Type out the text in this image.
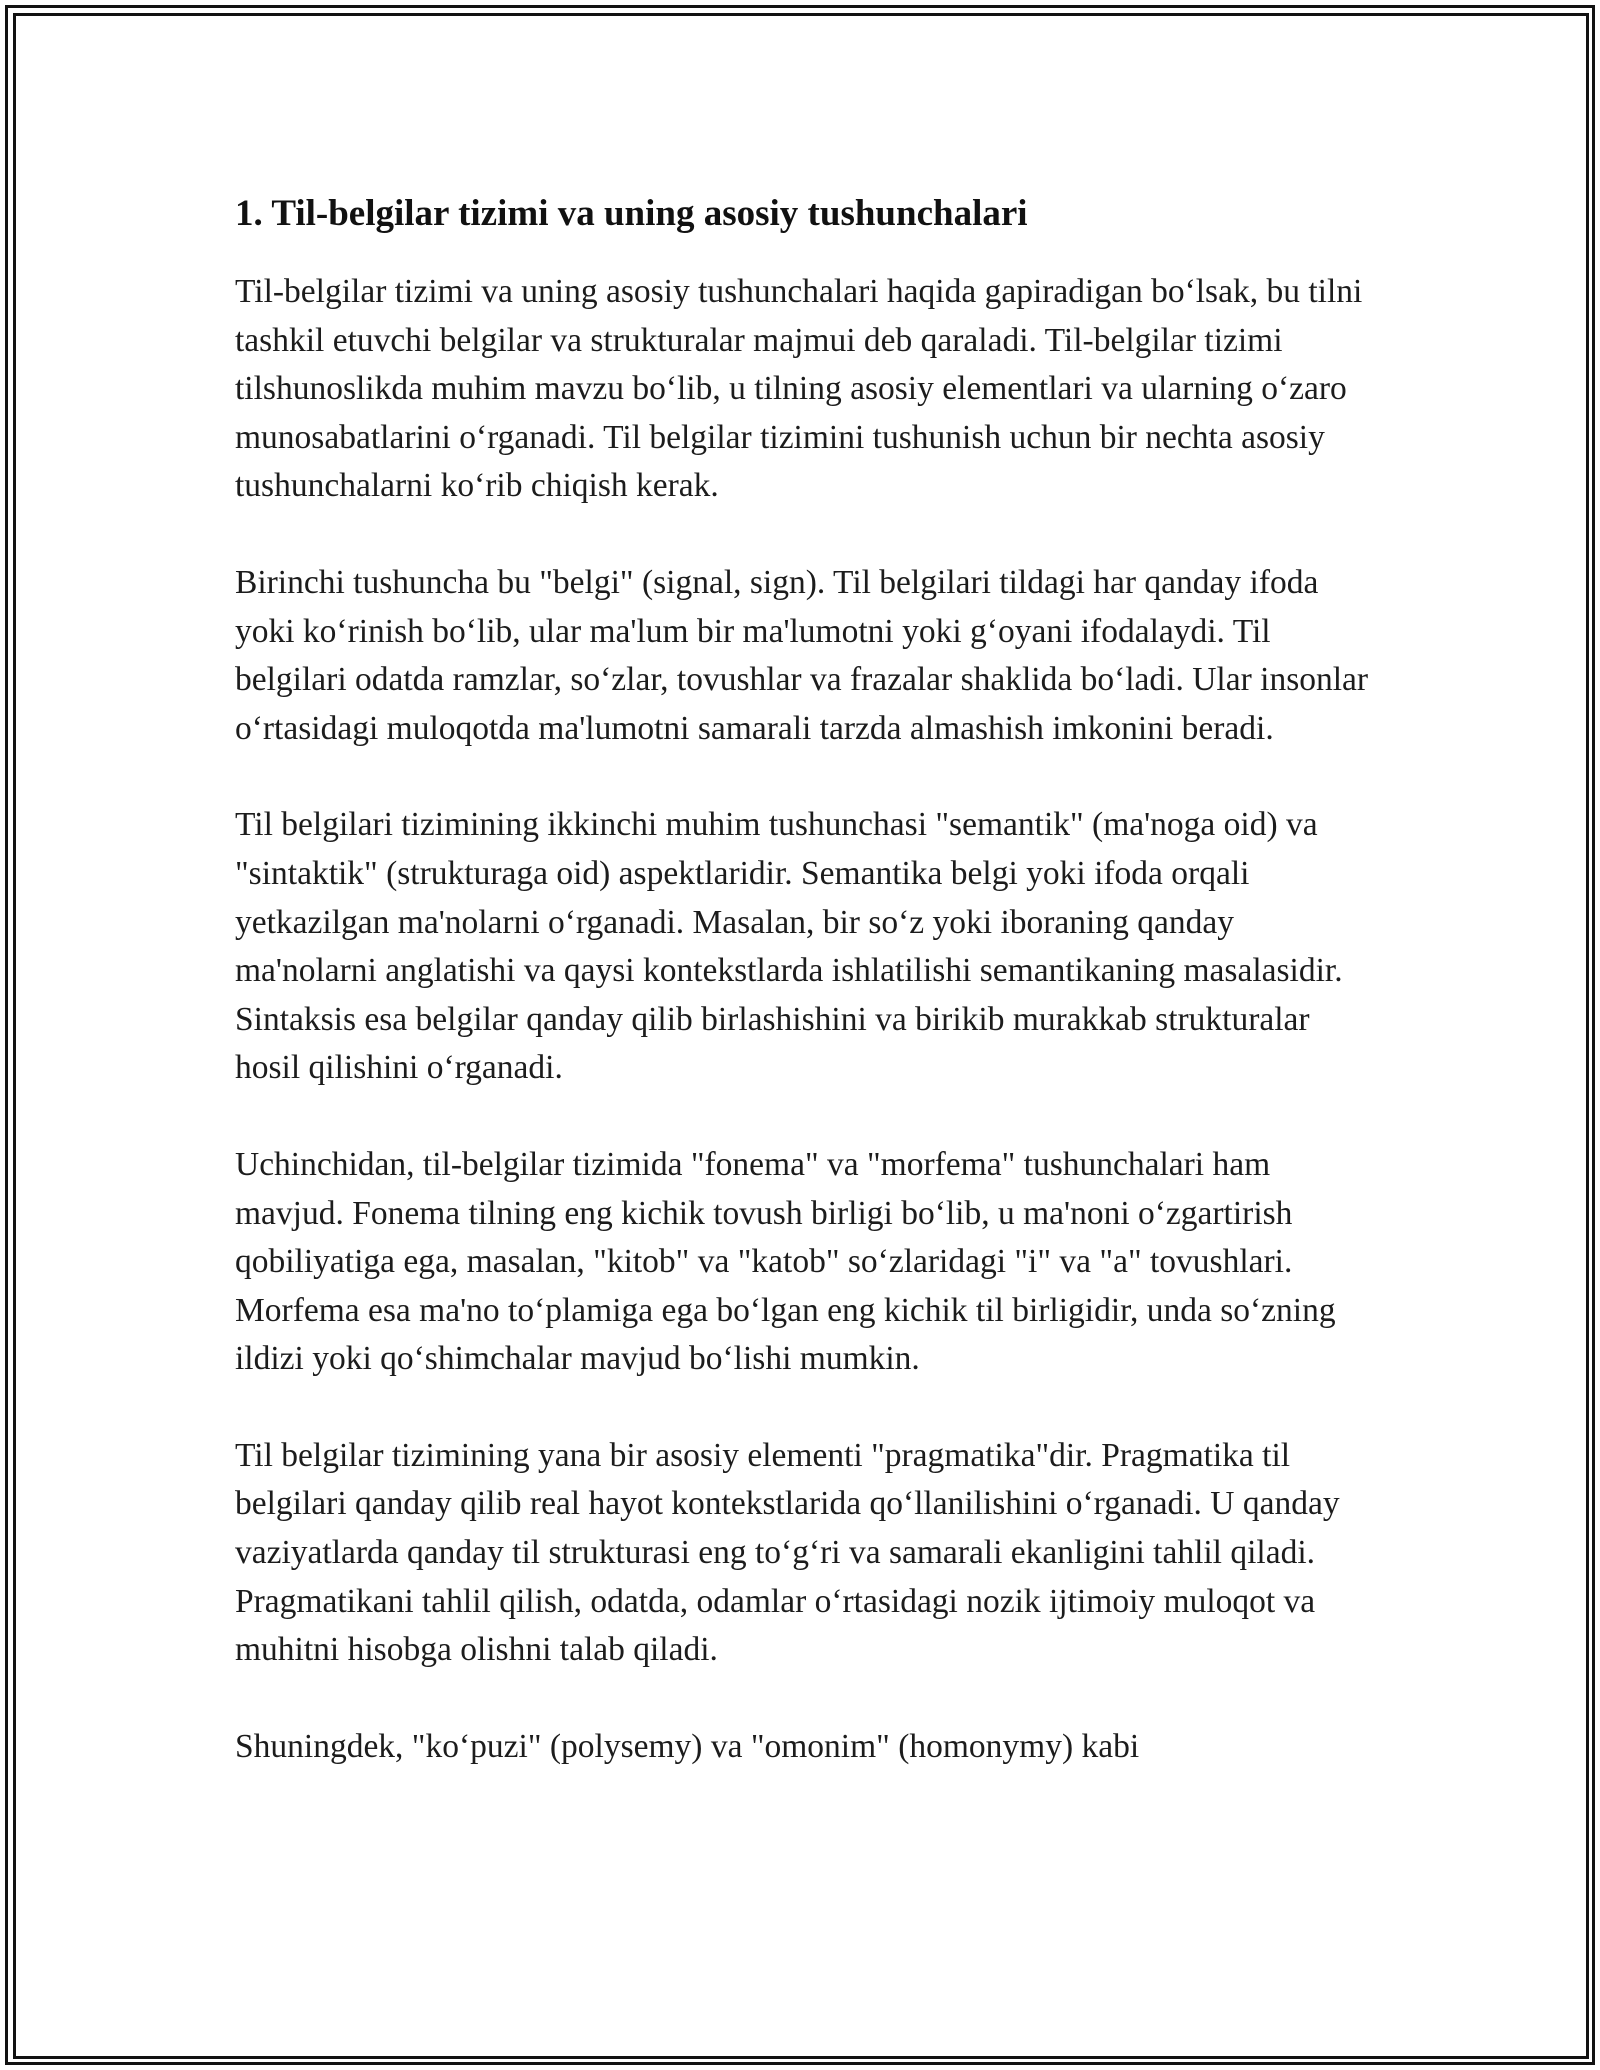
1. Til-belgilar tizimi va uning asosiy tushunchalari

Til-belgilar tizimi va uning asosiy tushunchalari haqida gapiradigan bo‘lsak, bu tilni tashkil etuvchi belgilar va strukturalar majmui deb qaraladi. Til-belgilar tizimi tilshunoslikda muhim mavzu bo‘lib, u tilning asosiy elementlari va ularning o‘zaro munosabatlarini o‘rganadi. Til belgilar tizimini tushunish uchun bir nechta asosiy tushunchalarni ko‘rib chiqish kerak.

Birinchi tushuncha bu "belgi" (signal, sign). Til belgilari tildagi har qanday ifoda yoki ko‘rinish bo‘lib, ular ma'lum bir ma'lumotni yoki g‘oyani ifodalaydi. Til belgilari odatda ramzlar, so‘zlar, tovushlar va frazalar shaklida bo‘ladi. Ular insonlar o‘rtasidagi muloqotda ma'lumotni samarali tarzda almashish imkonini beradi.

Til belgilari tizimining ikkinchi muhim tushunchasi "semantik" (ma'noga oid) va "sintaktik" (strukturaga oid) aspektlaridir. Semantika belgi yoki ifoda orqali yetkazilgan ma'nolarni o‘rganadi. Masalan, bir so‘z yoki iboraning qanday ma'nolarni anglatishi va qaysi kontekstlarda ishlatilishi semantikaning masalasidir. Sintaksis esa belgilar qanday qilib birlashishini va birikib murakkab strukturalar hosil qilishini o‘rganadi.

Uchinchidan, til-belgilar tizimida "fonema" va "morfema" tushunchalari ham mavjud. Fonema tilning eng kichik tovush birligi bo‘lib, u ma'noni o‘zgartirish qobiliyatiga ega, masalan, "kitob" va "katob" so‘zlaridagi "i" va "a" tovushlari. Morfema esa ma'no to‘plamiga ega bo‘lgan eng kichik til birligidir, unda so‘zning ildizi yoki qo‘shimchalar mavjud bo‘lishi mumkin.

Til belgilar tizimining yana bir asosiy elementi "pragmatika"dir. Pragmatika til belgilari qanday qilib real hayot kontekstlarida qo‘llanilishini o‘rganadi. U qanday vaziyatlarda qanday til strukturasi eng to‘g‘ri va samarali ekanligini tahlil qiladi. Pragmatikani tahlil qilish, odatda, odamlar o‘rtasidagi nozik ijtimoiy muloqot va muhitni hisobga olishni talab qiladi.

Shuningdek, "ko‘puzi" (polysemy) va "omonim" (homonymy) kabi
